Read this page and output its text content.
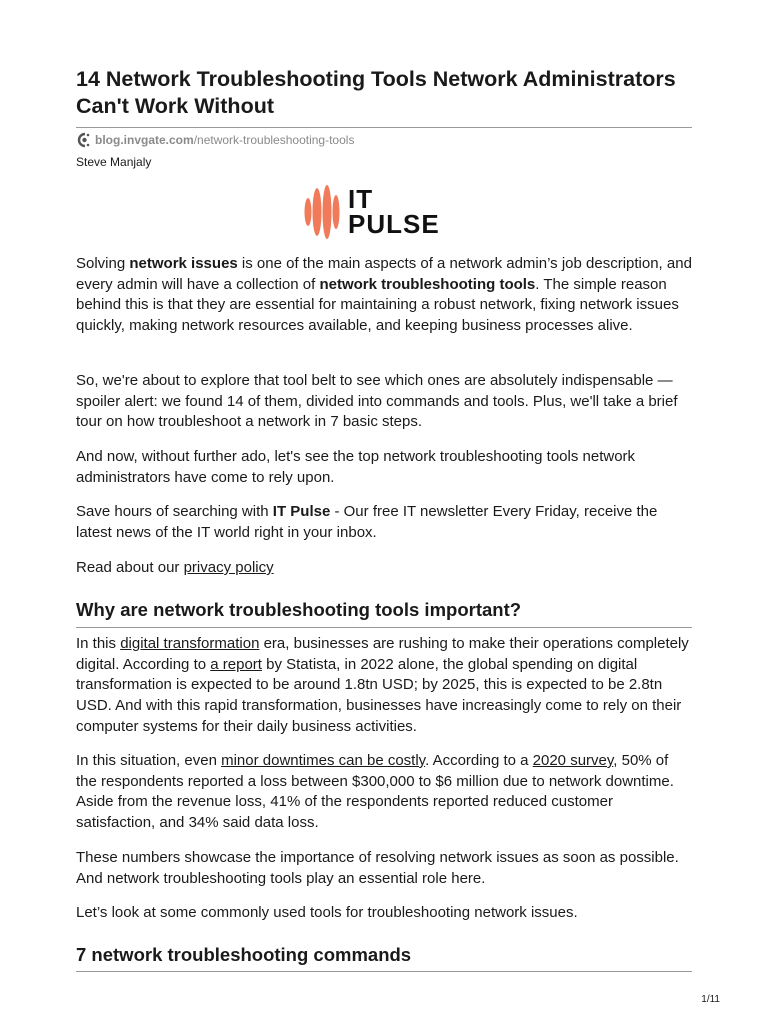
14 Network Troubleshooting Tools Network Administrators Can't Work Without
blog.invgate.com /network-troubleshooting-tools
Steve Manjaly
IT
PULSE

Solving network issues is one of the main aspects of a network admin’s job description, and every admin will have a collection of network troubleshooting tools. The simple reason behind this is that they are essential for maintaining a robust network, fixing network issues quickly, making network resources available, and keeping business processes alive.

So, we're about to explore that tool belt to see which ones are absolutely indispensable — spoiler alert: we found 14 of them, divided into commands and tools. Plus, we'll take a brief tour on how troubleshoot a network in 7 basic steps.

And now, without further ado, let's see the top network troubleshooting tools network administrators have come to rely upon.

Save hours of searching with IT Pulse - Our free IT newsletter Every Friday, receive the latest news of the IT world right in your inbox.

Read about our privacy policy

Why are network troubleshooting tools important?

In this digital transformation era, businesses are rushing to make their operations completely digital. According to a report by Statista, in 2022 alone, the global spending on digital transformation is expected to be around 1.8tn USD; by 2025, this is expected to be 2.8tn USD. And with this rapid transformation, businesses have increasingly come to rely on their computer systems for their daily business activities.

In this situation, even minor downtimes can be costly. According to a 2020 survey, 50% of the respondents reported a loss between $300,000 to $6 million due to network downtime. Aside from the revenue loss, 41% of the respondents reported reduced customer satisfaction, and 34% said data loss.

These numbers showcase the importance of resolving network issues as soon as possible. And network troubleshooting tools play an essential role here.

Let’s look at some commonly used tools for troubleshooting network issues.

7 network troubleshooting commands
1/11
